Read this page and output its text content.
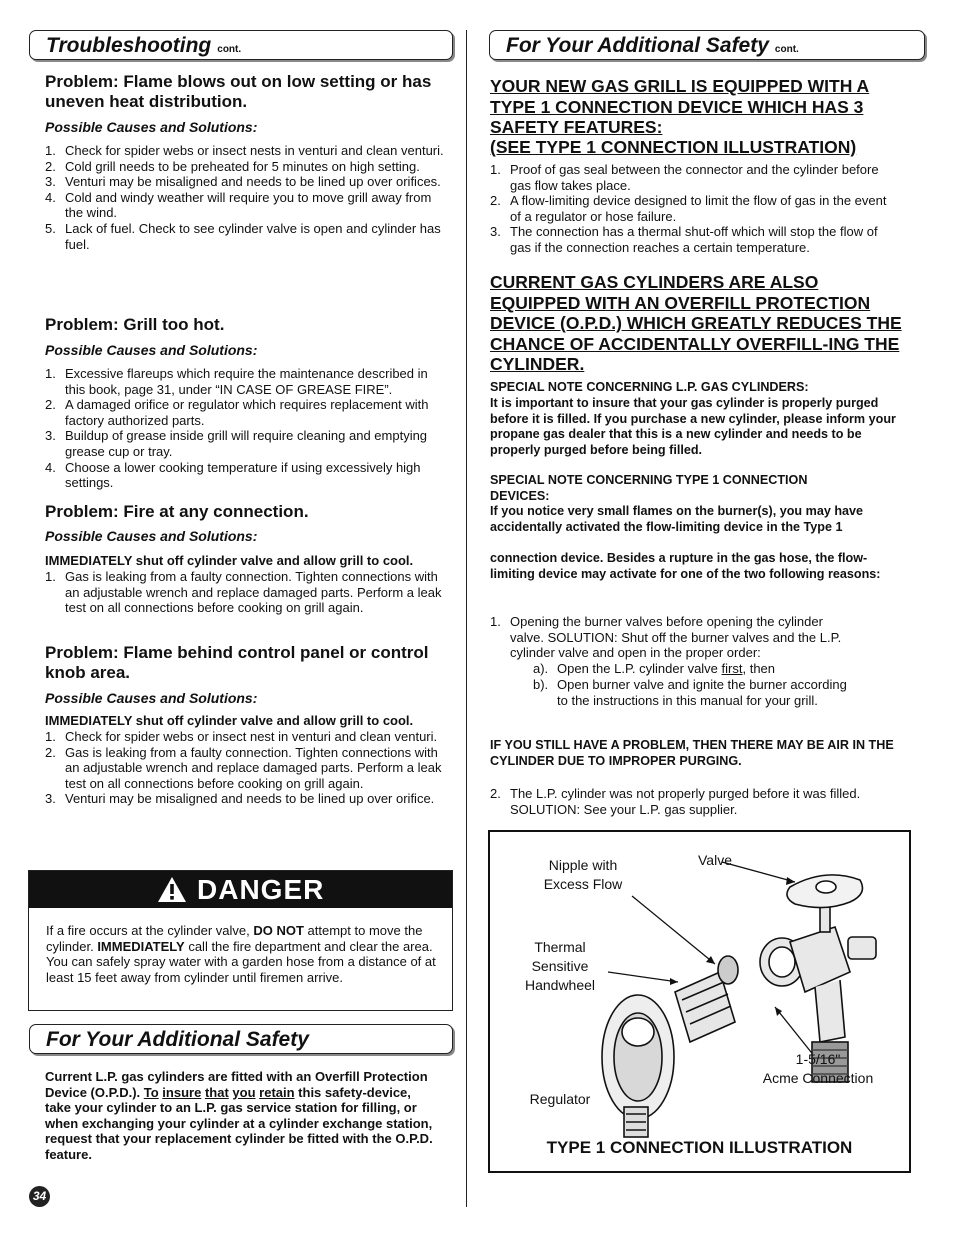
Troubleshooting cont.
Problem: Flame blows out on low setting or has uneven heat distribution.
Possible Causes and Solutions:
1. Check for spider webs or insect nests in venturi and clean venturi.
2. Cold grill needs to be preheated for 5 minutes on high setting.
3. Venturi may be misaligned and needs to be lined up over orifices.
4. Cold and windy weather will require you to move grill away from the wind.
5. Lack of fuel. Check to see cylinder valve is open and cylinder has fuel.
Problem: Grill too hot.
Possible Causes and Solutions:
1. Excessive flareups which require the maintenance described in this book, page 31, under “IN CASE OF GREASE FIRE”.
2. A damaged orifice or regulator which requires replacement with factory authorized parts.
3. Buildup of grease inside grill will require cleaning and emptying grease cup or tray.
4. Choose a lower cooking temperature if using excessively high settings.
Problem: Fire at any connection.
Possible Causes and Solutions:
IMMEDIATELY shut off cylinder valve and allow grill to cool.
1. Gas is leaking from a faulty connection. Tighten connections with an adjustable wrench and replace damaged parts. Perform a leak test on all connections before cooking on grill again.
Problem: Flame behind control panel or control knob area.
Possible Causes and Solutions:
IMMEDIATELY shut off cylinder valve and allow grill to cool.
1. Check for spider webs or insect nest in venturi and clean venturi.
2. Gas is leaking from a faulty connection. Tighten connections with an adjustable wrench and replace damaged parts. Perform a leak test on all connections before cooking on grill again.
3. Venturi may be misaligned and needs to be lined up over orifice.
DANGER
If a fire occurs at the cylinder valve, DO NOT attempt to move the cylinder. IMMEDIATELY call the fire department and clear the area. You can safely spray water with a garden hose from a distance of at least 15 feet away from cylinder until firemen arrive.
For Your Additional Safety
Current L.P. gas cylinders are fitted with an Overfill Protection Device (O.P.D.). To insure that you retain this safety-device, take your cylinder to an L.P. gas service station for filling, or when exchanging your cylinder at a cylinder exchange station, request that your replacement cylinder be fitted with the O.P.D. feature.
34
For Your Additional Safety cont.
YOUR NEW GAS GRILL IS EQUIPPED WITH A TYPE 1 CONNECTION DEVICE WHICH HAS 3 SAFETY FEATURES:
(SEE TYPE 1 CONNECTION ILLUSTRATION)
1. Proof of gas seal between the connector and the cylinder before gas flow takes place.
2. A flow-limiting device designed to limit the flow of gas in the event of a regulator or hose failure.
3. The connection has a thermal shut-off which will stop the flow of gas if the connection reaches a certain temperature.
CURRENT GAS CYLINDERS ARE ALSO EQUIPPED WITH AN OVERFILL PROTECTION DEVICE (O.P.D.) WHICH GREATLY REDUCES THE CHANCE OF ACCIDENTALLY OVERFILL-ING THE CYLINDER.
SPECIAL NOTE CONCERNING L.P. GAS CYLINDERS:
It is important to insure that your gas cylinder is properly purged before it is filled. If you purchase a new cylinder, please inform your propane gas dealer that this is a new cylinder and needs to be properly purged before being filled.
SPECIAL NOTE CONCERNING TYPE 1 CONNECTION DEVICES:
If you notice very small flames on the burner(s), you may have accidentally activated the flow-limiting device in the Type 1
connection device. Besides a rupture in the gas hose, the flow-limiting device may activate for one of the two following reasons:
1. Opening the burner valves before opening the cylinder valve. SOLUTION: Shut off the burner valves and the L.P. cylinder valve and open in the proper order:
a). Open the L.P. cylinder valve first, then
b). Open burner valve and ignite the burner according to the instructions in this manual for your grill.
IF YOU STILL HAVE A PROBLEM, THEN THERE MAY BE AIR IN THE CYLINDER DUE TO IMPROPER PURGING.
2. The L.P. cylinder was not properly purged before it was filled. SOLUTION: See your L.P. gas supplier.
Nipple with
Excess Flow
Valve
Thermal
Sensitive
Handwheel
1-5/16"
Acme Connection
Regulator
TYPE 1 CONNECTION ILLUSTRATION
